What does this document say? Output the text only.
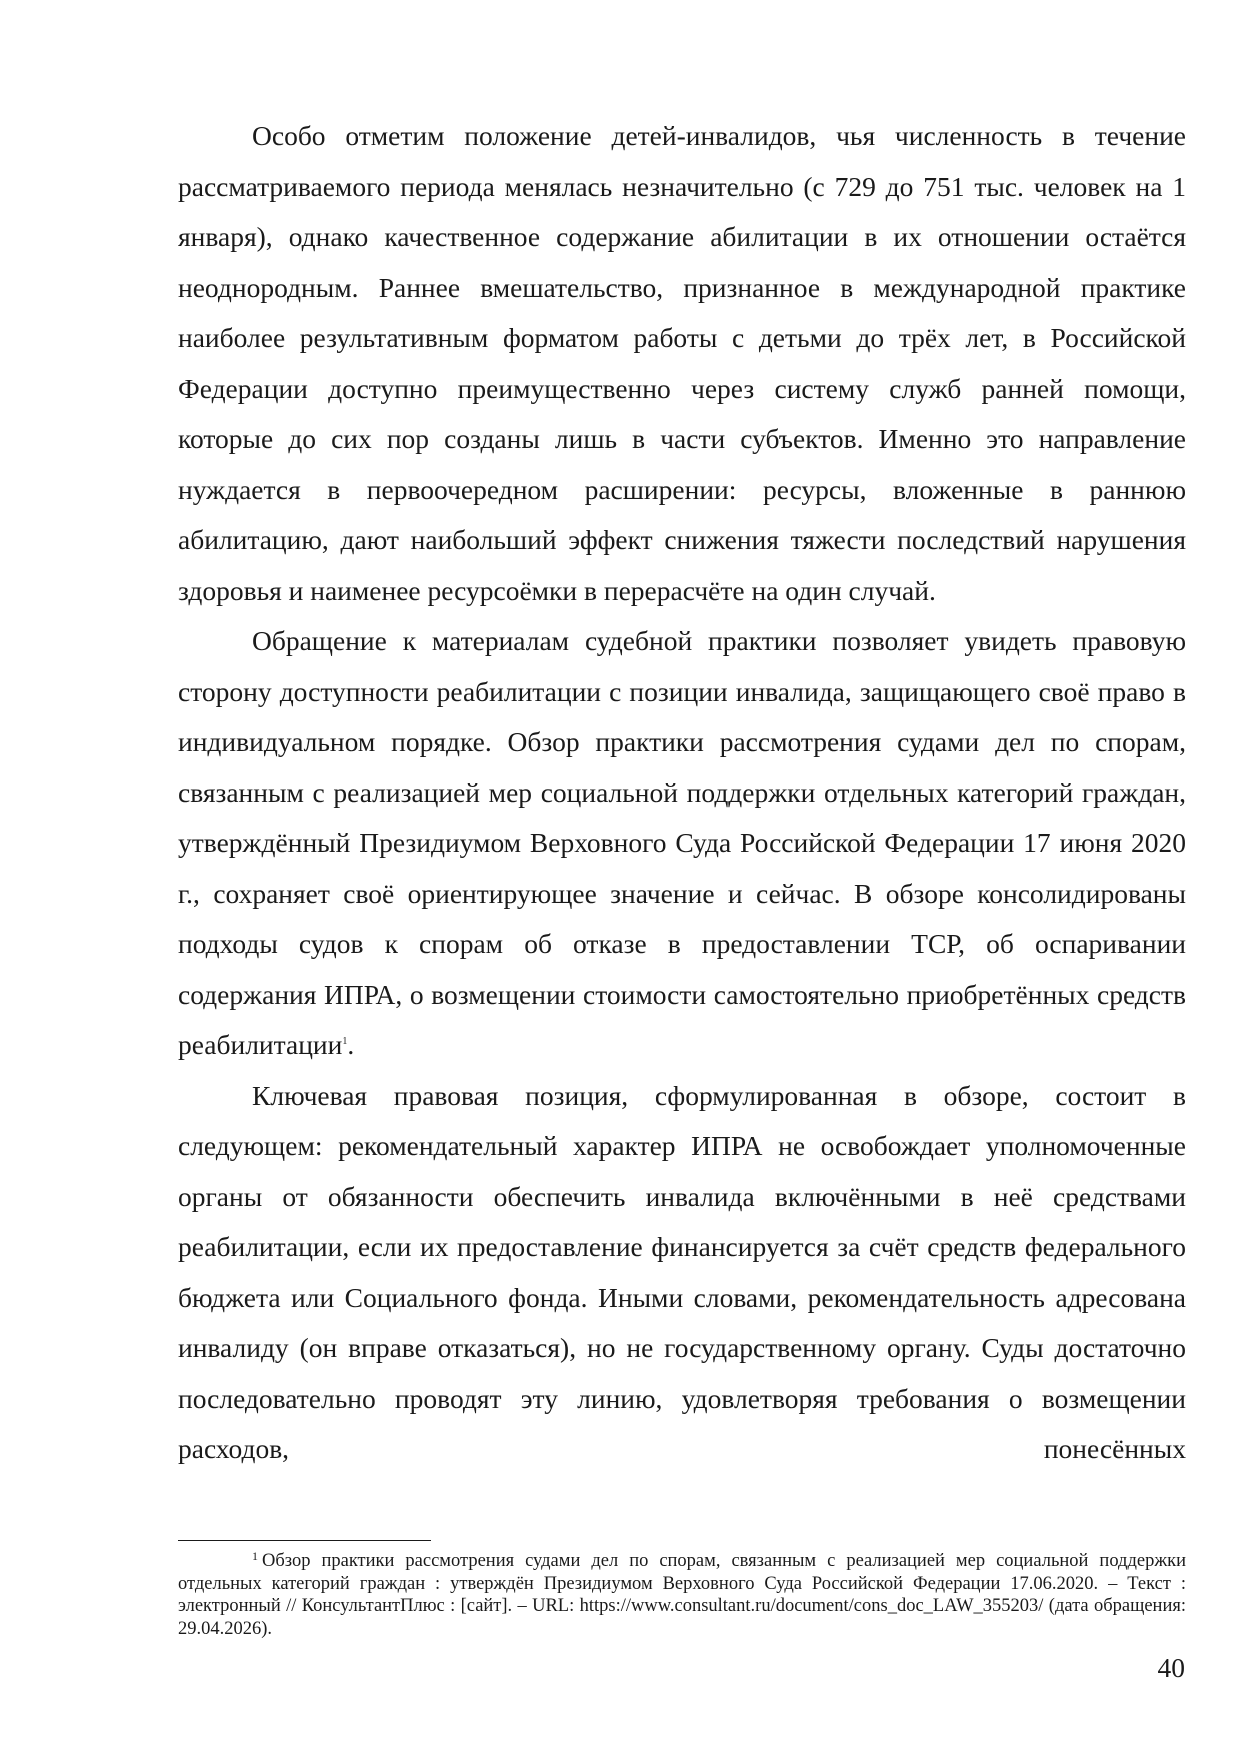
Особо отметим положение детей-инвалидов, чья численность в течение рассматриваемого периода менялась незначительно (с 729 до 751 тыс. человек на 1 января), однако качественное содержание абилитации в их отношении остаётся неоднородным. Раннее вмешательство, признанное в международной практике наиболее результативным форматом работы с детьми до трёх лет, в Российской Федерации доступно преимущественно через систему служб ранней помощи, которые до сих пор созданы лишь в части субъектов. Именно это направление нуждается в первоочередном расширении: ресурсы, вложенные в раннюю абилитацию, дают наибольший эффект снижения тяжести последствий нарушения здоровья и наименее ресурсоёмки в перерасчёте на один случай.

Обращение к материалам судебной практики позволяет увидеть правовую сторону доступности реабилитации с позиции инвалида, защищающего своё право в индивидуальном порядке. Обзор практики рассмотрения судами дел по спорам, связанным с реализацией мер социальной поддержки отдельных категорий граждан, утверждённый Президиумом Верховного Суда Российской Федерации 17 июня 2020 г., сохраняет своё ориентирующее значение и сейчас. В обзоре консолидированы подходы судов к спорам об отказе в предоставлении ТСР, об оспаривании содержания ИПРА, о возмещении стоимости самостоятельно приобретённых средств реабилитации$^1$.

Ключевая правовая позиция, сформулированная в обзоре, состоит в следующем: рекомендательный характер ИПРА не освобождает уполномоченные органы от обязанности обеспечить инвалида включёнными в неё средствами реабилитации, если их предоставление финансируется за счёт средств федерального бюджета или Социального фонда. Иными словами, рекомендательность адресована инвалиду (он вправе отказаться), но не государственному органу. Суды достаточно последовательно проводят эту линию, удовлетворяя требования о возмещении расходов, понесённых

$^1$ Обзор практики рассмотрения судами дел по спорам, связанным с реализацией мер социальной поддержки отдельных категорий граждан : утверждён Президиумом Верховного Суда Российской Федерации 17.06.2020. – Текст : электронный // КонсультантПлюс : [сайт]. – URL: https://www.consultant.ru/document/cons_doc_LAW_355203/ (дата обращения: 29.04.2026).

40
